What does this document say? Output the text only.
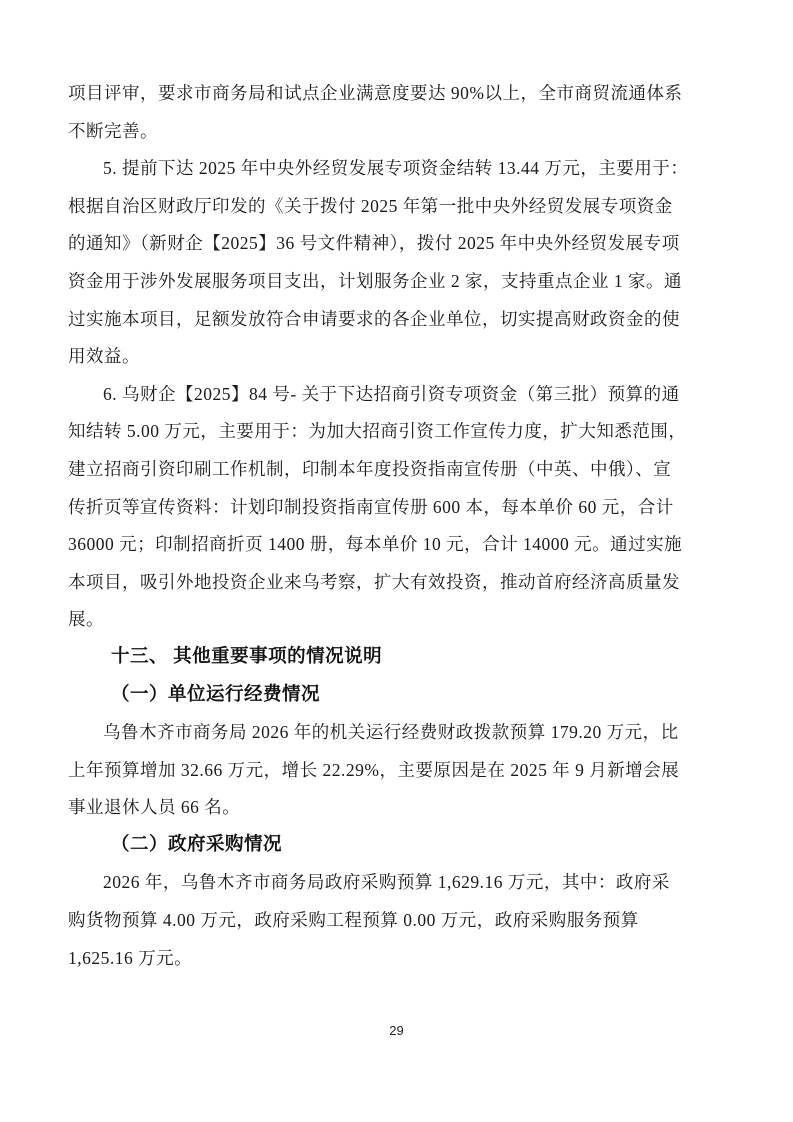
项目评审，要求市商务局和试点企业满意度要达 90%以上，全市商贸流通体系
不断完善。
5. 提前下达 2025 年中央外经贸发展专项资金结转 13.44 万元，主要用于：
根据自治区财政厅印发的《关于拨付 2025 年第一批中央外经贸发展专项资金
的通知》（新财企【2025】36 号文件精神），拨付 2025 年中央外经贸发展专项
资金用于涉外发展服务项目支出，计划服务企业 2 家，支持重点企业 1 家。通
过实施本项目，足额发放符合申请要求的各企业单位，切实提高财政资金的使
用效益。
6. 乌财企【2025】84 号- 关于下达招商引资专项资金（第三批）预算的通
知结转 5.00 万元，主要用于：为加大招商引资工作宣传力度，扩大知悉范围，
建立招商引资印刷工作机制，印制本年度投资指南宣传册（中英、中俄）、宣
传折页等宣传资料：计划印制投资指南宣传册 600 本，每本单价 60 元，合计
36000 元；印制招商折页 1400 册，每本单价 10 元，合计 14000 元。通过实施
本项目，吸引外地投资企业来乌考察，扩大有效投资，推动首府经济高质量发
展。
十三、 其他重要事项的情况说明
（一）单位运行经费情况
乌鲁木齐市商务局 2026 年的机关运行经费财政拨款预算 179.20 万元，比
上年预算增加 32.66 万元，增长 22.29%，主要原因是在 2025 年 9 月新增会展
事业退休人员 66 名。
（二）政府采购情况
2026 年，乌鲁木齐市商务局政府采购预算 1,629.16 万元，其中：政府采
购货物预算 4.00 万元，政府采购工程预算 0.00 万元，政府采购服务预算
1,625.16 万元。
29
